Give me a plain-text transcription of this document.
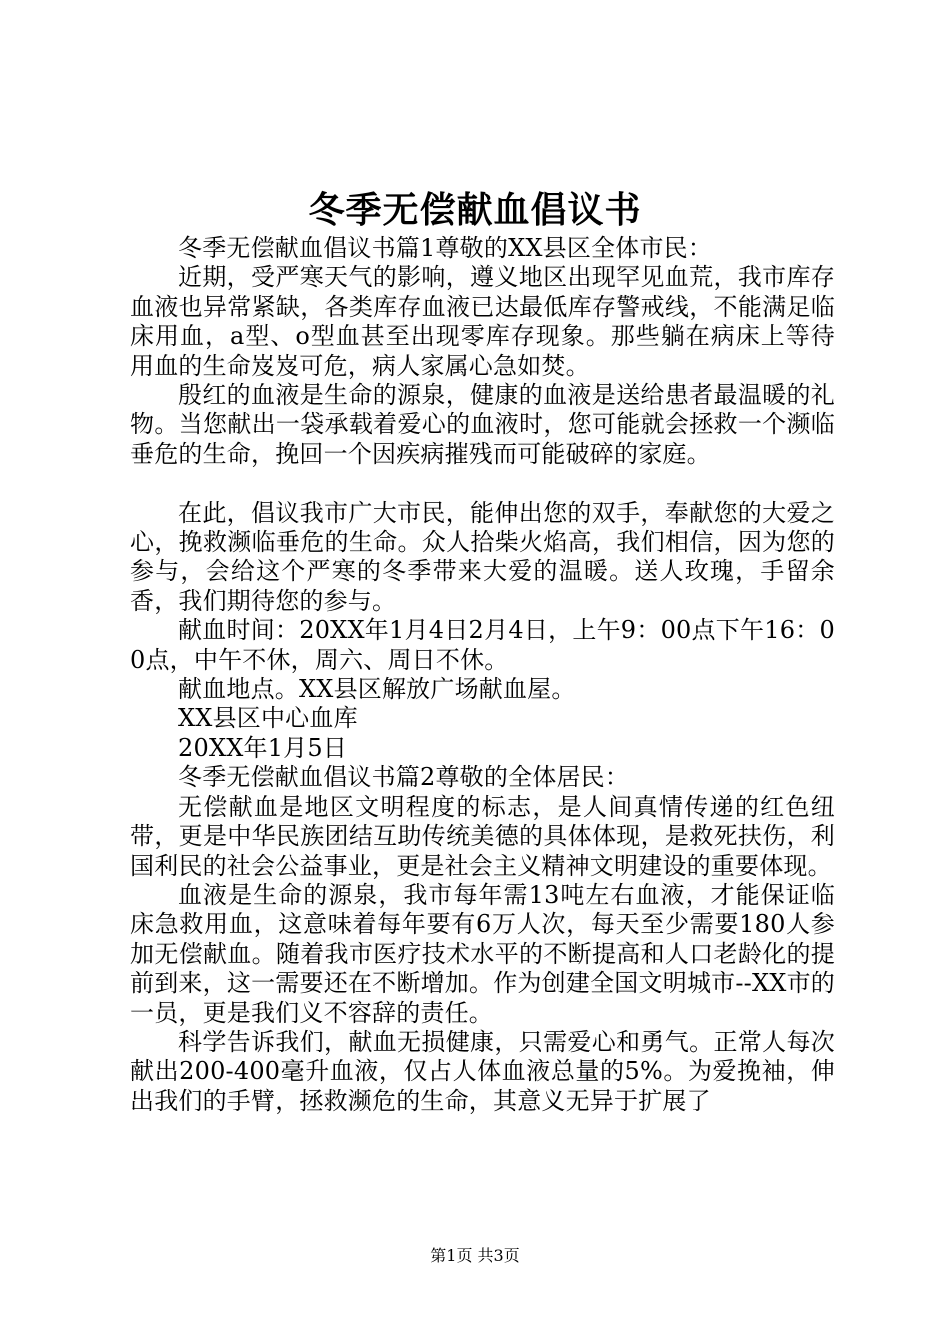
冬季无偿献血倡议书

冬季无偿献血倡议书篇1尊敬的XX县区全体市民：

近期，受严寒天气的影响，遵义地区出现罕见血荒，我市库存血液也异常紧缺，各类库存血液已达最低库存警戒线，不能满足临床用血，a型、o型血甚至出现零库存现象。那些躺在病床上等待用血的生命岌岌可危，病人家属心急如焚。

殷红的血液是生命的源泉，健康的血液是送给患者最温暖的礼物。当您献出一袋承载着爱心的血液时，您可能就会拯救一个濒临垂危的生命，挽回一个因疾病摧残而可能破碎的家庭。

在此，倡议我市广大市民，能伸出您的双手，奉献您的大爱之心，挽救濒临垂危的生命。众人拾柴火焰高，我们相信，因为您的参与，会给这个严寒的冬季带来大爱的温暖。送人玫瑰，手留余香，我们期待您的参与。

献血时间：20XX年1月4日2月4日，上午9：00点下午16：00点，中午不休，周六、周日不休。

献血地点。XX县区解放广场献血屋。

XX县区中心血库

20XX年1月5日

冬季无偿献血倡议书篇2尊敬的全体居民：

无偿献血是地区文明程度的标志，是人间真情传递的红色纽带，更是中华民族团结互助传统美德的具体体现，是救死扶伤，利国利民的社会公益事业，更是社会主义精神文明建设的重要体现。

血液是生命的源泉，我市每年需13吨左右血液，才能保证临床急救用血，这意味着每年要有6万人次，每天至少需要180人参加无偿献血。随着我市医疗技术水平的不断提高和人口老龄化的提前到来，这一需要还在不断增加。作为创建全国文明城市--XX市的一员，更是我们义不容辞的责任。

科学告诉我们，献血无损健康，只需爱心和勇气。正常人每次献出200-400毫升血液，仅占人体血液总量的5%。为爱挽袖，伸出我们的手臂，拯救濒危的生命，其意义无异于扩展了

第1页 共3页
